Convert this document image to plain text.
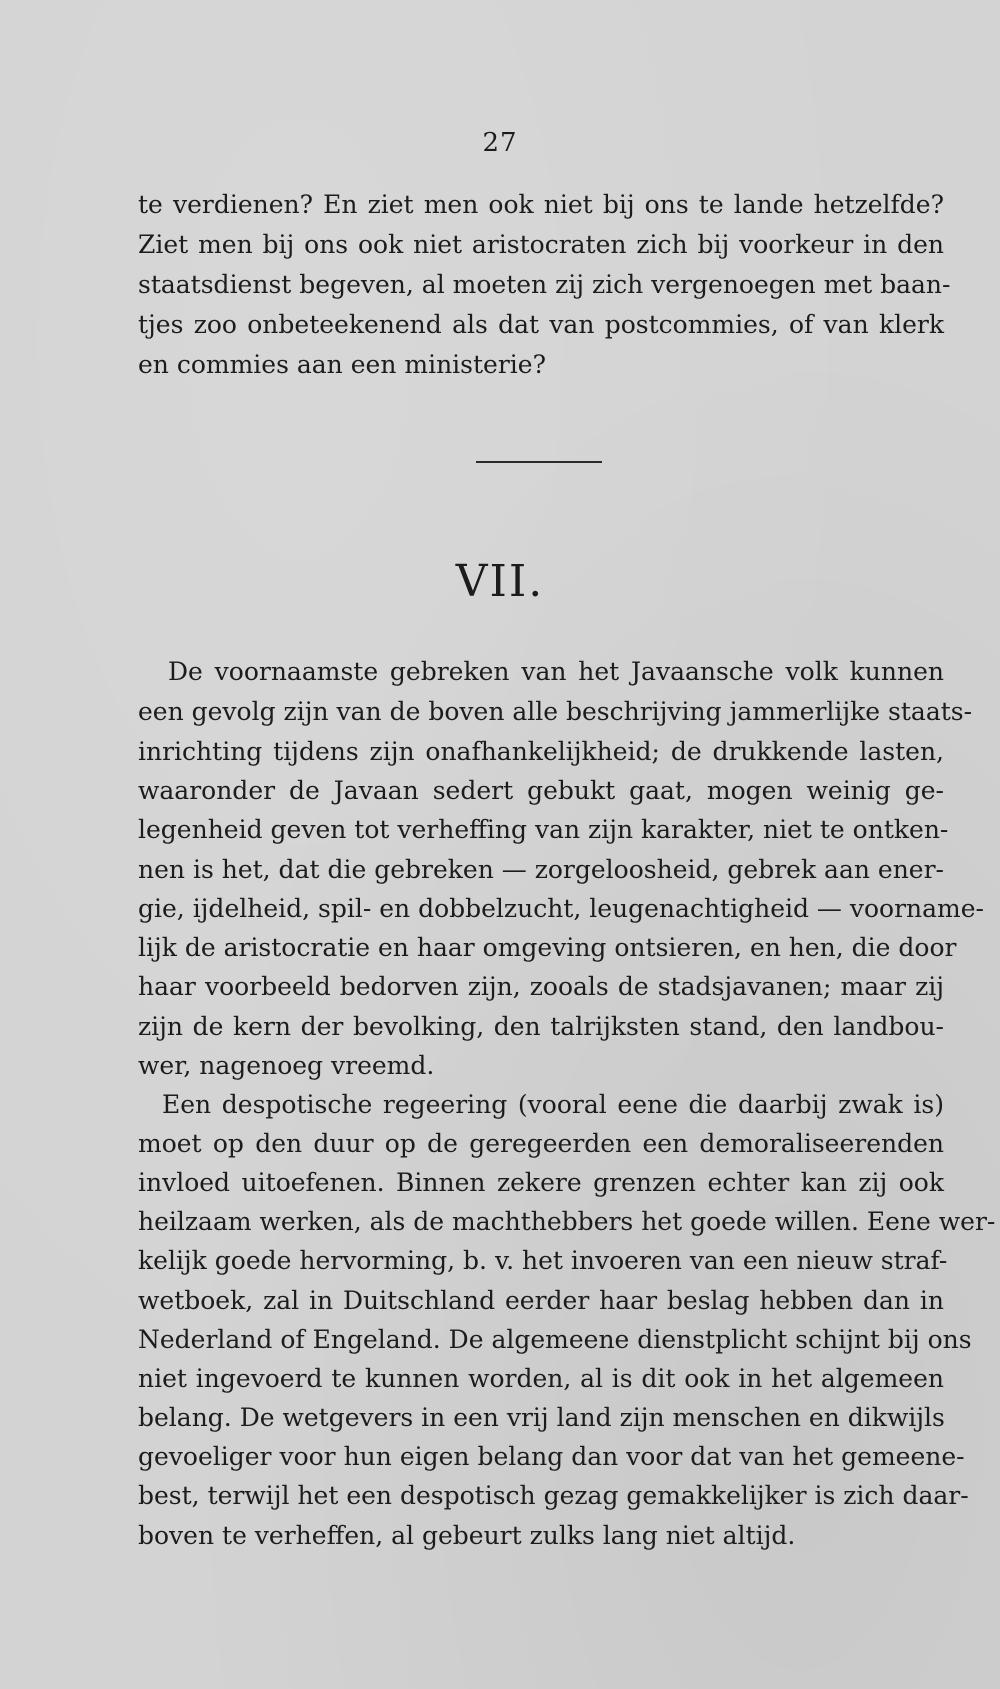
27
te verdienen? En ziet men ook niet bij ons te lande hetzelfde?
Ziet men bij ons ook niet aristocraten zich bij voorkeur in den
staatsdienst begeven, al moeten zij zich vergenoegen met baan-
tjes zoo onbeteekenend als dat van postcommies, of van klerk
en commies aan een ministerie?
VII.
De voornaamste gebreken van het Javaansche volk kunnen
een gevolg zijn van de boven alle beschrijving jammerlijke staats-
inrichting tijdens zijn onafhankelijkheid; de drukkende lasten,
waaronder de Javaan sedert gebukt gaat, mogen weinig ge-
legenheid geven tot verheffing van zijn karakter, niet te ontken-
nen is het, dat die gebreken — zorgeloosheid, gebrek aan ener-
gie, ijdelheid, spil- en dobbelzucht, leugenachtigheid — voorname-
lijk de aristocratie en haar omgeving ontsieren, en hen, die door
haar voorbeeld bedorven zijn, zooals de stadsjavanen; maar zij
zijn de kern der bevolking, den talrijksten stand, den landbou-
wer, nagenoeg vreemd.
Een despotische regeering (vooral eene die daarbij zwak is)
moet op den duur op de geregeerden een demoraliseerenden
invloed uitoefenen. Binnen zekere grenzen echter kan zij ook
heilzaam werken, als de machthebbers het goede willen. Eene wer-
kelijk goede hervorming, b. v. het invoeren van een nieuw straf-
wetboek, zal in Duitschland eerder haar beslag hebben dan in
Nederland of Engeland. De algemeene dienstplicht schijnt bij ons
niet ingevoerd te kunnen worden, al is dit ook in het algemeen
belang. De wetgevers in een vrij land zijn menschen en dikwijls
gevoeliger voor hun eigen belang dan voor dat van het gemeene-
best, terwijl het een despotisch gezag gemakkelijker is zich daar-
boven te verheffen, al gebeurt zulks lang niet altijd.
